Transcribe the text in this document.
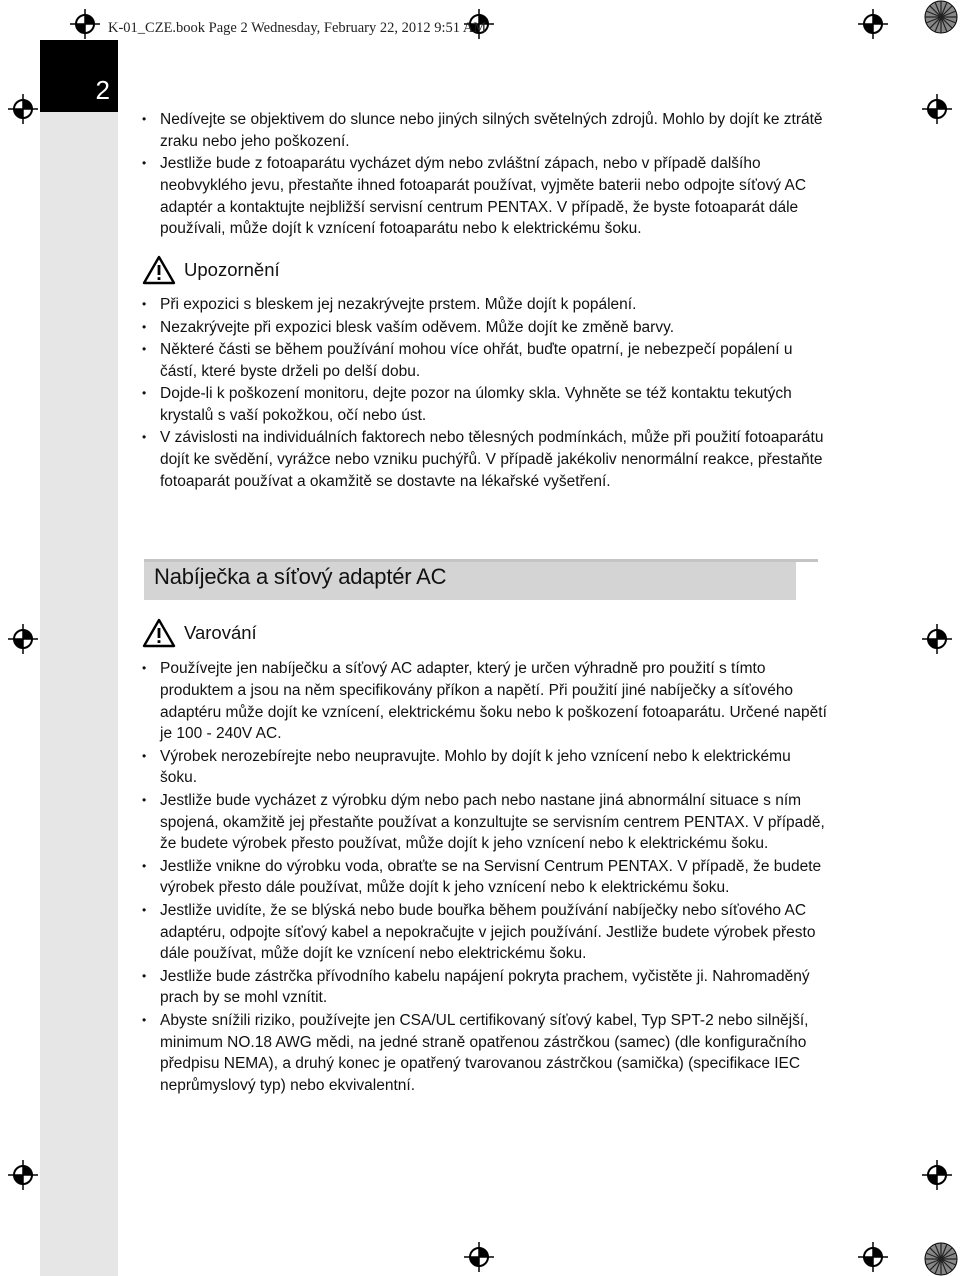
K-01_CZE.book Page 2 Wednesday, February 22, 2012 9:51 AM
2
• Nedívejte se objektivem do slunce nebo jiných silných světelných zdrojů. Mohlo by dojít ke ztrátě zraku nebo jeho poškození.
• Jestliže bude z fotoaparátu vycházet dým nebo zvláštní zápach, nebo v případě dalšího neobvyklého jevu, přestaňte ihned fotoaparát používat, vyjměte baterii nebo odpojte síťový AC adaptér a kontaktujte nejbližší servisní centrum PENTAX. V případě, že byste fotoaparát dále používali, může dojít k vznícení fotoaparátu nebo k elektrickému šoku.
Upozornění
• Při expozici s bleskem jej nezakrývejte prstem. Může dojít k popálení.
• Nezakrývejte při expozici blesk vaším oděvem. Může dojít ke změně barvy.
• Některé části se během používání mohou více ohřát, buďte opatrní, je nebezpečí popálení u částí, které byste drželi po delší dobu.
• Dojde-li k poškození monitoru, dejte pozor na úlomky skla. Vyhněte se též kontaktu tekutých krystalů s vaší pokožkou, očí nebo úst.
• V závislosti na individuálních faktorech nebo tělesných podmínkách, může při použití fotoaparátu dojít ke svědění, vyrážce nebo vzniku puchýřů. V případě jakékoliv nenormální reakce, přestaňte fotoaparát používat a okamžitě se dostavte na lékařské vyšetření.
Nabíječka a síťový adaptér AC
Varování
• Používejte jen nabíječku a síťový AC adapter, který je určen výhradně pro použití s tímto produktem a jsou na něm specifikovány příkon a napětí. Při použití jiné nabíječky a síťového adaptéru může dojít ke vznícení, elektrickému šoku nebo k poškození fotoaparátu. Určené napětí je 100 - 240V AC.
• Výrobek nerozebírejte nebo neupravujte. Mohlo by dojít k jeho vznícení nebo k elektrickému šoku.
• Jestliže bude vycházet z výrobku dým nebo pach nebo nastane jiná abnormální situace s ním spojená, okamžitě jej přestaňte používat a konzultujte se servisním centrem PENTAX. V případě, že budete výrobek přesto používat, může dojít k jeho vznícení nebo k elektrickému šoku.
• Jestliže vnikne do výrobku voda, obraťte se na Servisní Centrum PENTAX. V případě, že budete výrobek přesto dále používat, může dojít k jeho vznícení nebo k elektrickému šoku.
• Jestliže uvidíte, že se blýská nebo bude bouřka během používání nabíječky nebo síťového AC adaptéru, odpojte síťový kabel a nepokračujte v jejich používání. Jestliže budete výrobek přesto dále používat, může dojít ke vznícení nebo elektrickému šoku.
• Jestliže bude zástrčka přívodního kabelu napájení pokryta prachem, vyčistěte ji. Nahromaděný prach by se mohl vznítit.
• Abyste snížili riziko, používejte jen CSA/UL certifikovaný síťový kabel, Typ SPT-2 nebo silnější, minimum NO.18 AWG mědi, na jedné straně opatřenou zástrčkou (samec) (dle konfiguračního předpisu NEMA), a druhý konec je opatřený tvarovanou zástrčkou (samička) (specifikace IEC neprůmyslový typ) nebo ekvivalentní.
